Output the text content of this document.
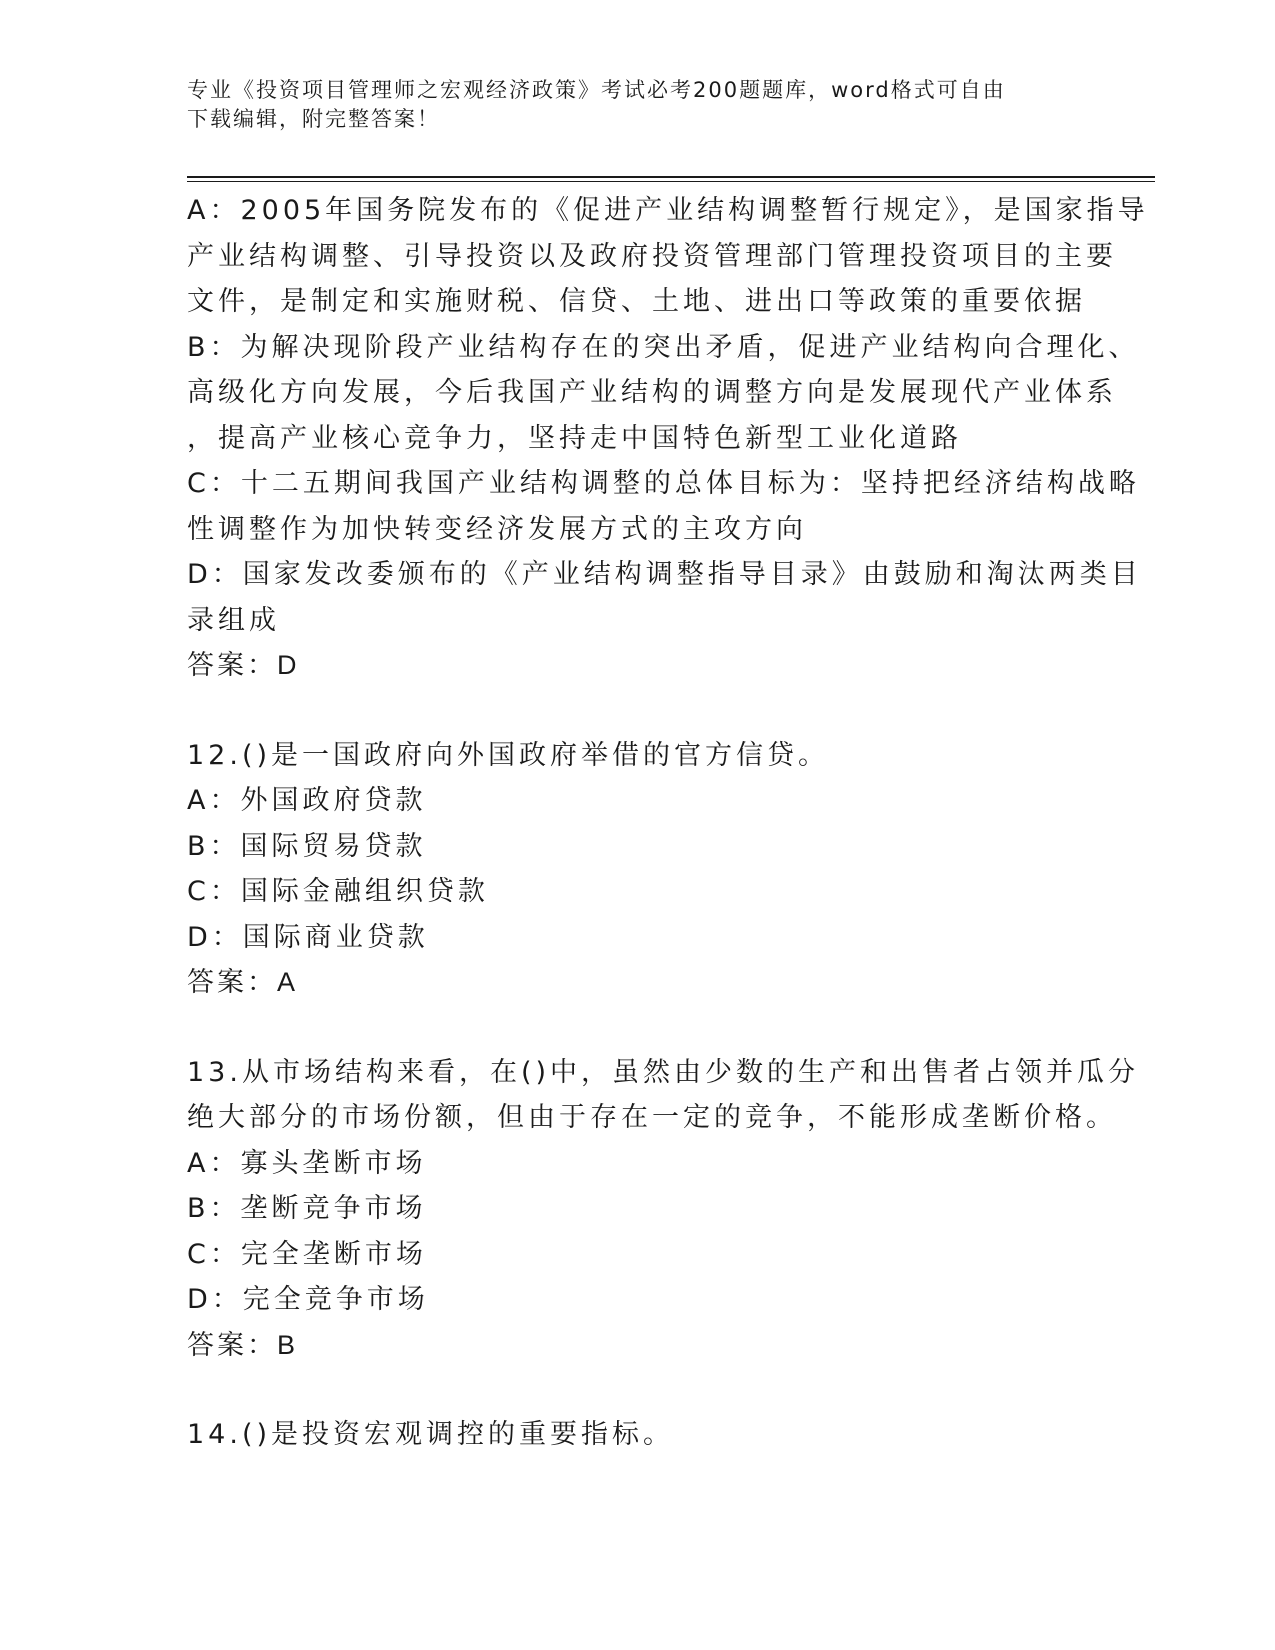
专业《投资项目管理师之宏观经济政策》考试必考200题题库，word格式可自由
下载编辑，附完整答案！
A：2005年国务院发布的《促进产业结构调整暂行规定》，是国家指导
产业结构调整、引导投资以及政府投资管理部门管理投资项目的主要
文件，是制定和实施财税、信贷、土地、进出口等政策的重要依据
B：为解决现阶段产业结构存在的突出矛盾，促进产业结构向合理化、
高级化方向发展，今后我国产业结构的调整方向是发展现代产业体系
，提高产业核心竞争力，坚持走中国特色新型工业化道路
C：十二五期间我国产业结构调整的总体目标为：坚持把经济结构战略
性调整作为加快转变经济发展方式的主攻方向
D：国家发改委颁布的《产业结构调整指导目录》由鼓励和淘汰两类目
录组成
答案：D
12.()是一国政府向外国政府举借的官方信贷。
A：外国政府贷款
B：国际贸易贷款
C：国际金融组织贷款
D：国际商业贷款
答案：A
13.从市场结构来看，在()中，虽然由少数的生产和出售者占领并瓜分
绝大部分的市场份额，但由于存在一定的竞争，不能形成垄断价格。
A：寡头垄断市场
B：垄断竞争市场
C：完全垄断市场
D：完全竞争市场
答案：B
14.()是投资宏观调控的重要指标。
